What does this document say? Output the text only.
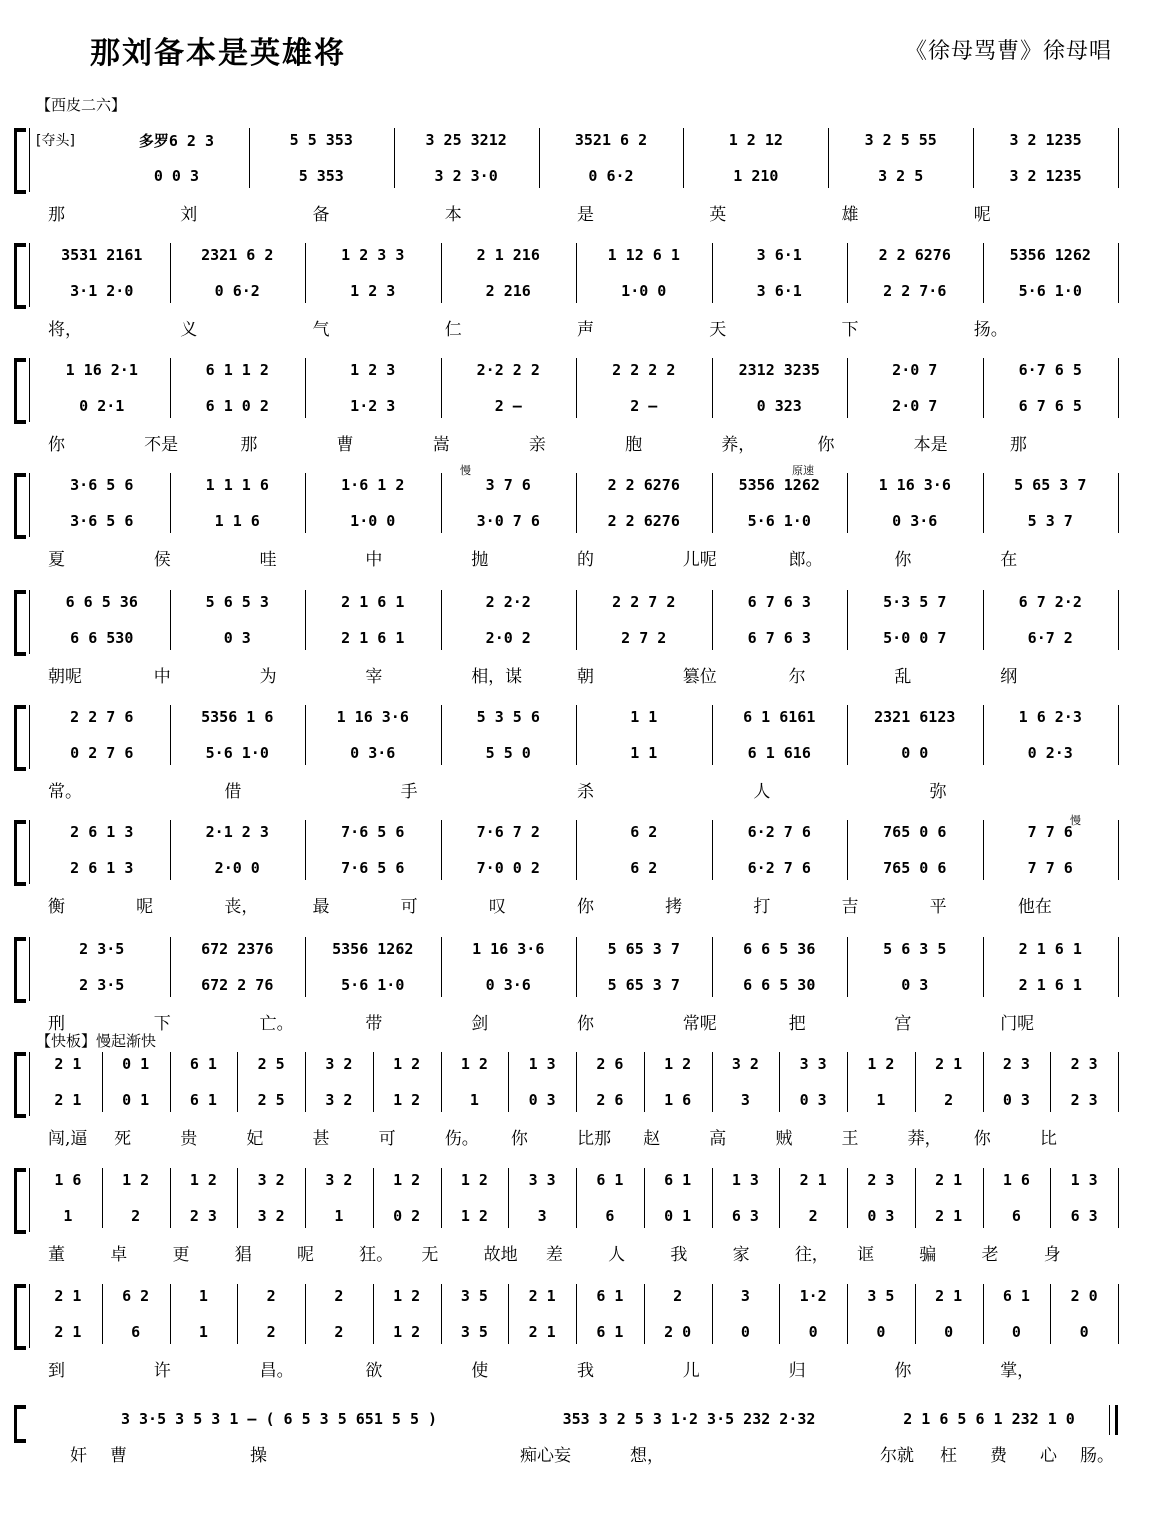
那刘备本是英雄将	《徐母骂曹》徐母唱
【西皮二六】
[夺头]	多罗6 2 3	5 5 353	3 25 3212	3521 6 2	1 2 12	3 2 5 55	3 2 1235
0 0 3	5 353	3 2 3·0	0 6·2	1 210	3 2 5	3 2 1235
那	刘	备	本	是	英	雄	呢
3531 2161	2321 6 2	1 2 3 3	2 1 216	1 12 6 1	3 6·1	2 2 6276	5356 1262
3·1 2·0	0 6·2	1 2 3	2 216	1·0 0	3 6·1	2 2 7·6	5·6 1·0
将，	义	气	仁	声	天	下	扬。
1 16 2·1	6 1 1 2	1 2 3	2·2 2 2	2 2 2 2	2312 3235	2·0 7	6·7 6 5
0 2·1	6 1 0 2	1·2 3	2 –	2 –	0 323	2·0 7	6 7 6 5
你	不是	那	曹	嵩	亲	胞	养，	你	本是	那
3·6 5 6	1 1 1 6	1·6 1 2	3 7 6	2 2 6276	5356 1262	1 16 3·6	5 65 3 7
3·6 5 6	1 1 6	1·0 0	3·0 7 6	2 2 6276	5·6 1·0	0 3·6	5 3 7
夏	侯	哇	中	抛	的	儿呢	郎。	你	在
6 6 5 36	5 6 5 3	2 1 6 1	2 2·2	2 2 7 2	6 7 6 3	5·3 5 7	6 7 2·2
6 6 530	0 3	2 1 6 1	2·0 2	2 7 2	6 7 6 3	5·0 0 7	6·7 2
朝呢	中	为	宰	相，谋	朝	篡位	尔	乱	纲
2 2 7 6	5356 1 6	1 16 3·6	5 3 5 6	1 1	6 1 6161	2321 6123	1 6 2·3
0 2 7 6	5·6 1·0	0 3·6	5 5 0	1 1	6 1 616	0 0	0 2·3
常。	借	手	杀	人	弥
2 6 1 3	2·1 2 3	7·6 5 6	7·6 7 2	6 2	6·2 7 6	765 0 6	7 7 6
2 6 1 3	2·0 0	7·6 5 6	7·0 0 2	6 2	6·2 7 6	765 0 6	7 7 6
衡	呢	丧，	最	可	叹	你	拷	打	吉	平	他在
2 3·5	672 2376	5356 1262	1 16 3·6	5 65 3 7	6 6 5 36	5 6 3 5	2 1 6 1
2 3·5	672 2 76	5·6 1·0	0 3·6	5 65 3 7	6 6 5 30	0 3	2 1 6 1
刑	下	亡。	带	剑	你	常呢	把	宫	门呢
2 1	0 1	6 1	2 5	3 2	1 2	1 2	1 3	2 6	1 2	3 2	3 3	1 2	2 1	2 3	2 3
2 1	0 1	6 1	2 5	3 2	1 2	1	0 3	2 6	1 6	3	0 3	1	2	0 3	2 3
闯,逼 死	贵	妃	甚	可	伤。 你	比那 赵	高	贼	王	莽， 你	比
1 6	1 2	1 2	3 2	3 2	1 2	1 2	3 3	6 1	6 1	1 3	2 1	2 3	2 1	1 6	1 3
1	2	2 3	3 2	1	0 2	1 2	3	6	0 1	6 3	2	0 3	2 1	6	6 3
董	卓	更	猖	呢	狂。 无	故地 差	人	我	家	往， 诓	骗	老	身
2 1	6 2	1	2	2	1 2	3 5	2 1	6 1	2	3	1·2	3 5	2 1	6 1	2 0
2 1	6	1	2	2	1 2	3 5	2 1	6 1	2 0	0	0	0	0	0	0
到	许	昌。	欲	使	我	儿	归	你	掌，
3 3·5 3 5 3 1 – ( 6 5 3 5 651 5 5 )	353 3 2 5 3 1·2 3·5 232 2·32	2 1 6 5 6 1 232 1 0
奸 曹	操	痴心妄	想，	尔就 枉 费 心 肠。
【快板】慢起渐快
慢	原速
慢
